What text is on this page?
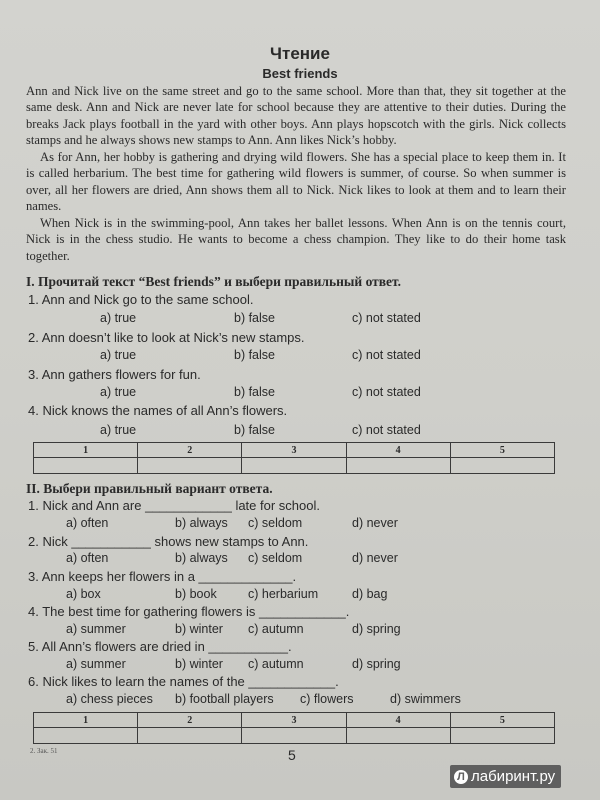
Чтение
Best friends
Ann and Nick live on the same street and go to the same school. More than that, they sit together at the same desk. Ann and Nick are never late for school because they are attentive to their duties. During the breaks Jack plays football in the yard with other boys. Ann plays hopscotch with the girls. Nick collects stamps and he always shows new stamps to Ann. Ann likes Nick’s hobby.
As for Ann, her hobby is gathering and drying wild flowers. She has a special place to keep them in. It is called herbarium. The best time for gathering wild flowers is summer, of course. So when summer is over, all her flowers are dried, Ann shows them all to Nick. Nick likes to look at them and to learn their names.
When Nick is in the swimming-pool, Ann takes her ballet lessons. When Ann is on the tennis court, Nick is in the chess studio. He wants to become a chess champion. They like to do their home task together.
I. Прочитай текст “Best friends” и выбери правильный ответ.
1. Ann and Nick go to the same school.
a) true	b) false	c) not stated
2. Ann doesn’t like to look at Nick’s new stamps.
a) true	b) false	c) not stated
3. Ann gathers flowers for fun.
a) true	b) false	c) not stated
4. Nick knows the names of all Ann’s flowers.
a) true	b) false	c) not stated
1	2	3	4	5

II. Выбери правильный вариант ответа.
1. Nick and Ann are ____________ late for school.
a) often	b) always c) seldom	d) never
2. Nick ___________ shows new stamps to Ann.
a) often	b) always c) seldom	d) never
3. Ann keeps her flowers in a _____________.
a) box	b) book	c) herbarium	d) bag
4. The best time for gathering flowers is ____________.
a) summer	b) winter c) autumn	d) spring
5. All Ann’s flowers are dried in ___________.
a) summer	b) winter c) autumn	d) spring
6. Nick likes to learn the names of the ____________.
a) chess pieces b) football players c) flowers	d) swimmers
1	2	3	4	5

2. Зак. 51	5
Л лабиринт.ру
